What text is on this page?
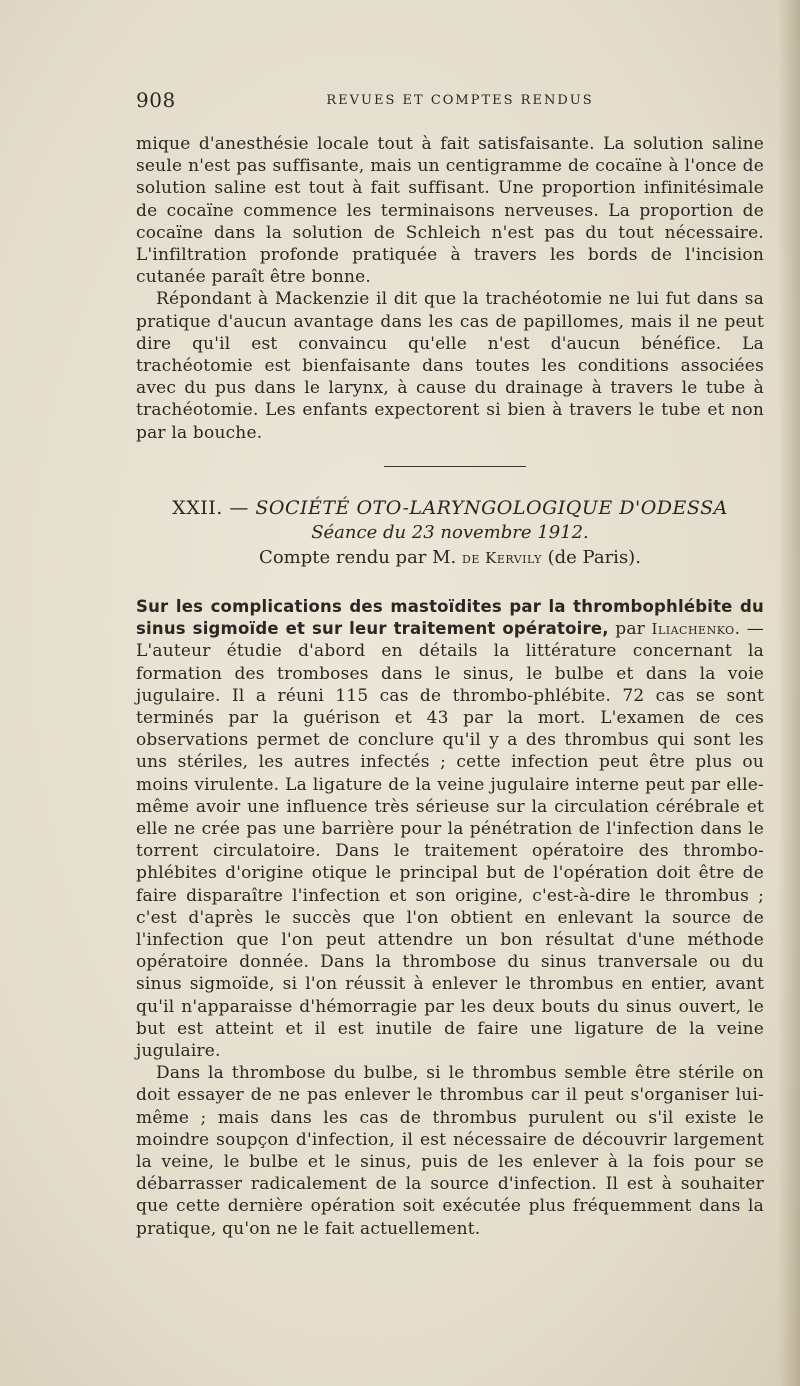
908	REVUES ET COMPTES RENDUS

mique d'anesthésie locale tout à fait satisfaisante. La solution saline seule n'est pas suffisante, mais un centigramme de cocaïne à l'once de solution saline est tout à fait suffisant. Une proportion infinitésimale de cocaïne commence les terminaisons nerveuses. La proportion de cocaïne dans la solution de Schleich n'est pas du tout nécessaire. L'infiltration profonde pratiquée à travers les bords de l'incision cutanée paraît être bonne.

Répondant à Mackenzie il dit que la trachéotomie ne lui fut dans sa pratique d'aucun avantage dans les cas de papillomes, mais il ne peut dire qu'il est convaincu qu'elle n'est d'aucun bénéfice. La trachéotomie est bienfaisante dans toutes les conditions associées avec du pus dans le larynx, à cause du drainage à travers le tube à trachéotomie. Les enfants expectorent si bien à travers le tube et non par la bouche.

XXII. — SOCIÉTÉ OTO-LARYNGOLOGIQUE D'ODESSA
Séance du 23 novembre 1912.
Compte rendu par M. de Kervily (de Paris).

Sur les complications des mastoïdites par la thrombophlébite du sinus sigmoïde et sur leur traitement opératoire, par Iliachenko. — L'auteur étudie d'abord en détails la littérature concernant la formation des tromboses dans le sinus, le bulbe et dans la voie jugulaire. Il a réuni 115 cas de thrombo-phlébite. 72 cas se sont terminés par la guérison et 43 par la mort. L'examen de ces observations permet de conclure qu'il y a des thrombus qui sont les uns stériles, les autres infectés ; cette infection peut être plus ou moins virulente. La ligature de la veine jugulaire interne peut par elle-même avoir une influence très sérieuse sur la circulation cérébrale et elle ne crée pas une barrière pour la pénétration de l'infection dans le torrent circulatoire. Dans le traitement opératoire des thrombo-phlébites d'origine otique le principal but de l'opération doit être de faire disparaître l'infection et son origine, c'est-à-dire le thrombus ; c'est d'après le succès que l'on obtient en enlevant la source de l'infection que l'on peut attendre un bon résultat d'une méthode opératoire donnée. Dans la thrombose du sinus tranversale ou du sinus sigmoïde, si l'on réussit à enlever le thrombus en entier, avant qu'il n'apparaisse d'hémorragie par les deux bouts du sinus ouvert, le but est atteint et il est inutile de faire une ligature de la veine jugulaire.

Dans la thrombose du bulbe, si le thrombus semble être stérile on doit essayer de ne pas enlever le thrombus car il peut s'organiser lui-même ; mais dans les cas de thrombus purulent ou s'il existe le moindre soupçon d'infection, il est nécessaire de découvrir largement la veine, le bulbe et le sinus, puis de les enlever à la fois pour se débarrasser radicalement de la source d'infection. Il est à souhaiter que cette dernière opération soit exécutée plus fréquemment dans la pratique, qu'on ne le fait actuellement.
